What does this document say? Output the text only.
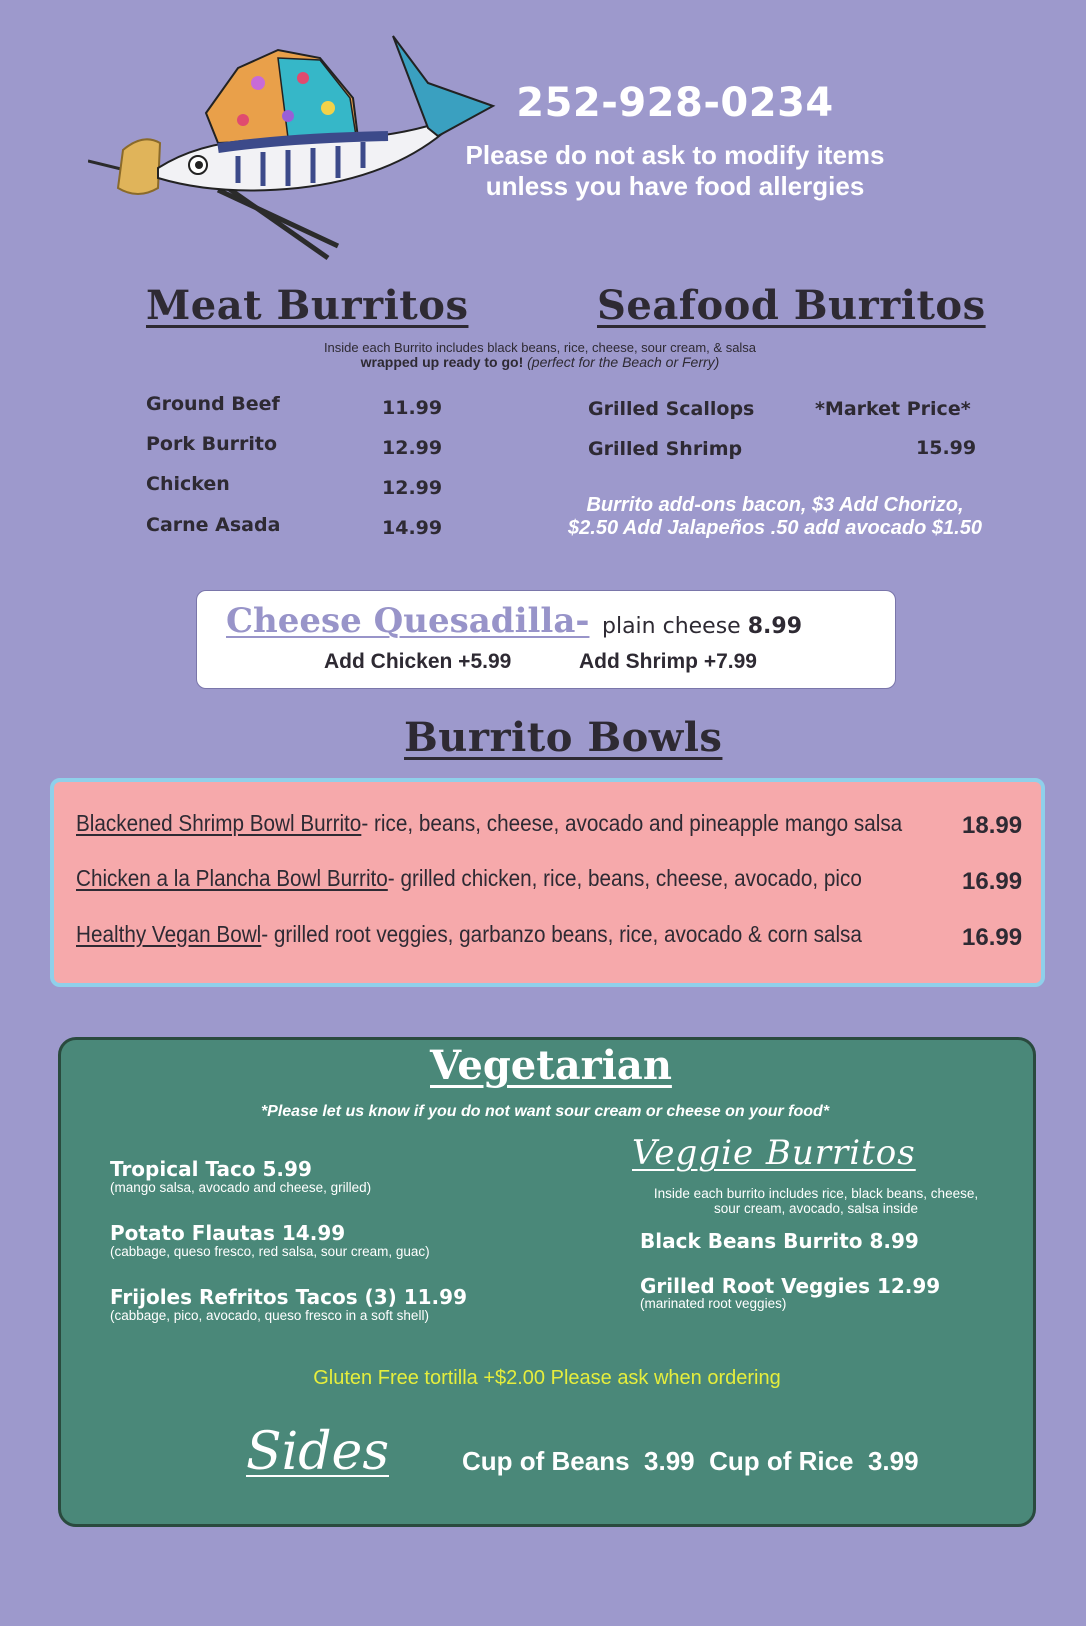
252-928-0234
Please do not ask to modify items
unless you have food allergies
Meat Burritos	Seafood Burritos
Inside each Burrito includes black beans, rice, cheese, sour cream, & salsa
wrapped up ready to go! (perfect for the Beach or Ferry)
Ground Beef	11.99
Pork Burrito	12.99
Chicken	12.99
Carne Asada	14.99
Grilled Scallops	*Market Price*
Grilled Shrimp	15.99
Burrito add-ons bacon, $3 Add Chorizo,
$2.50 Add Jalapeños .50 add avocado $1.50
Cheese Quesadilla- plain cheese 8.99
Add Chicken +5.99	Add Shrimp +7.99
Burrito Bowls
Blackened Shrimp Bowl Burrito- rice, beans, cheese, avocado and pineapple mango salsa 18.99
Chicken a la Plancha Bowl Burrito- grilled chicken, rice, beans, cheese, avocado, pico	16.99
Healthy Vegan Bowl- grilled root veggies, garbanzo beans, rice, avocado & corn salsa	16.99
Vegetarian
*Please let us know if you do not want sour cream or cheese on your food*
Tropical Taco 5.99
(mango salsa, avocado and cheese, grilled)
Potato Flautas 14.99
(cabbage, queso fresco, red salsa, sour cream, guac)
Frijoles Refritos Tacos (3) 11.99
(cabbage, pico, avocado, queso fresco in a soft shell)
Veggie Burritos
Inside each burrito includes rice, black beans, cheese,
sour cream, avocado, salsa inside
Black Beans Burrito 8.99
Grilled Root Veggies 12.99
(marinated root veggies)
Gluten Free tortilla +$2.00 Please ask when ordering
Sides	Cup of Beans  3.99  Cup of Rice  3.99
